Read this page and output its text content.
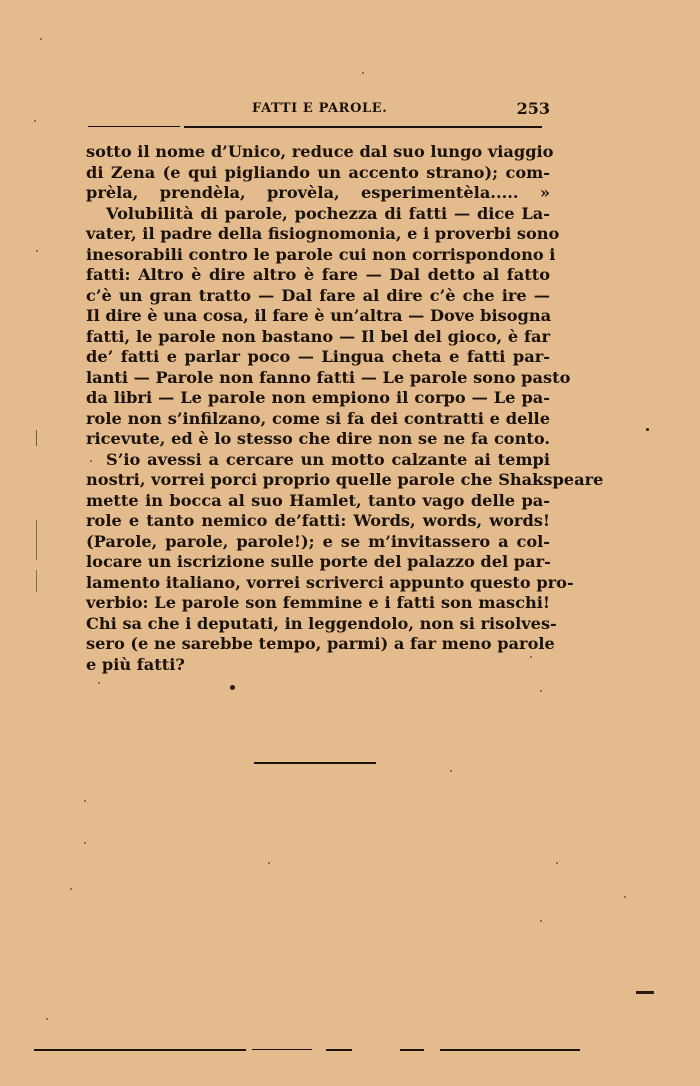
FATTI E PAROLE.	253
sotto il nome d’Unico, reduce dal suo lungo viaggio
di Zena (e qui pigliando un accento strano); com-
prèla, prendèla, provèla, esperimentèla..... »
Volubilità di parole, pochezza di fatti — dice La-
vater, il padre della fisiognomonia, e i proverbi sono
inesorabili contro le parole cui non corrispondono i
fatti: Altro è dire altro è fare — Dal detto al fatto
c’è un gran tratto — Dal fare al dire c’è che ire —
Il dire è una cosa, il fare è un’altra — Dove bisogna
fatti, le parole non bastano — Il bel del gioco, è far
de’ fatti e parlar poco — Lingua cheta e fatti par-
lanti — Parole non fanno fatti — Le parole sono pasto
da libri — Le parole non empiono il corpo — Le pa-
role non s’infilzano, come si fa dei contratti e delle
ricevute, ed è lo stesso che dire non se ne fa conto.
S’io avessi a cercare un motto calzante ai tempi
nostri, vorrei porci proprio quelle parole che Shakspeare
mette in bocca al suo Hamlet, tanto vago delle pa-
role e tanto nemico de’fatti: Words, words, words!
(Parole, parole, parole!); e se m’invitassero a col-
locare un iscrizione sulle porte del palazzo del par-
lamento italiano, vorrei scriverci appunto questo pro-
verbio: Le parole son femmine e i fatti son maschi!
Chi sa che i deputati, in leggendolo, non si risolves-
sero (e ne sarebbe tempo, parmi) a far meno parole
e più fatti?
